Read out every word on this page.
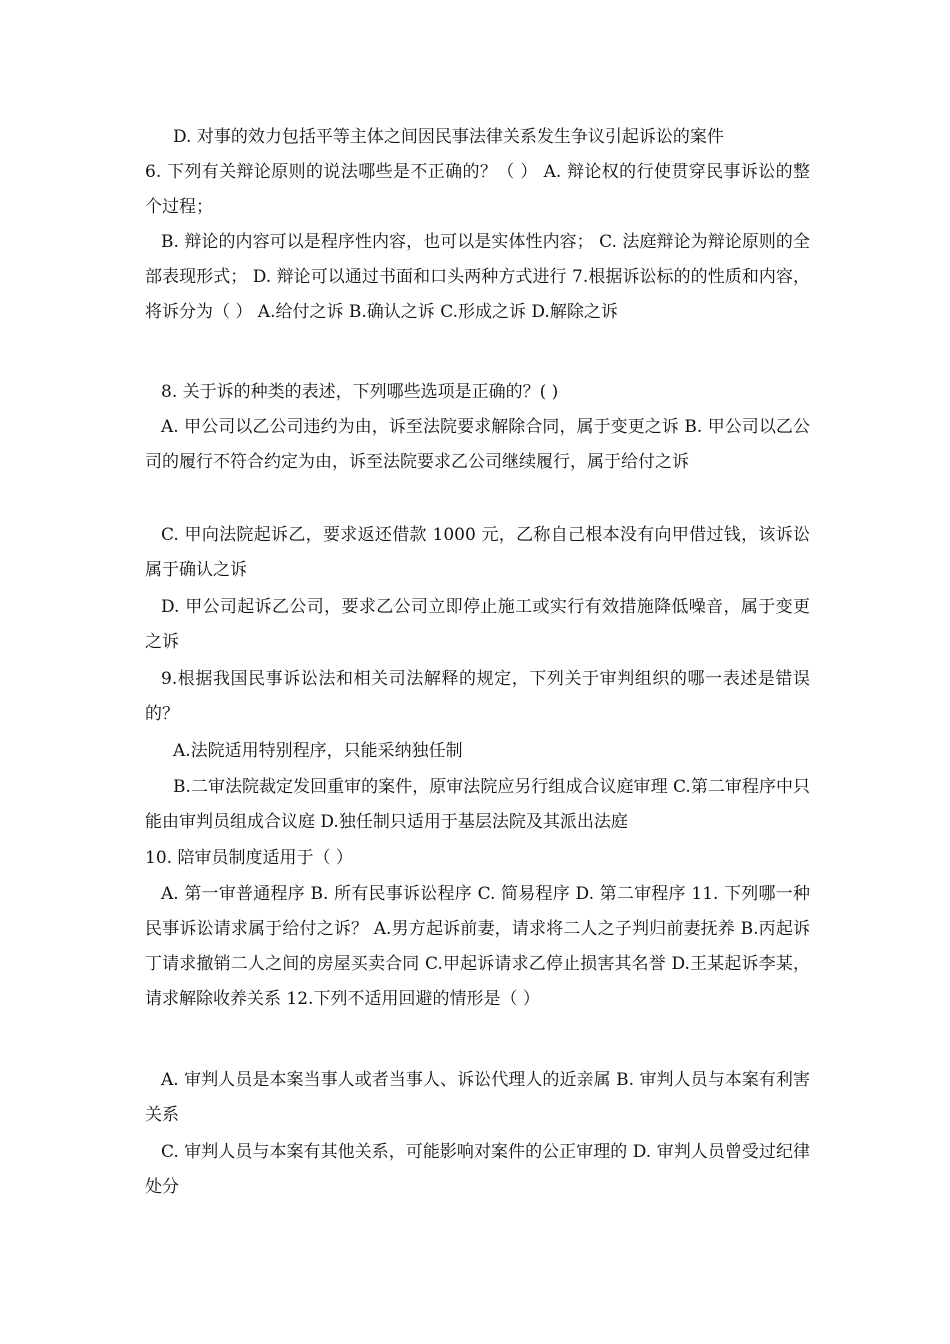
D. 对事的效力包括平等主体之间因民事法律关系发生争议引起诉讼的案件

6. 下列有关辩论原则的说法哪些是不正确的？（ ） A. 辩论权的行使贯穿民事诉讼的整个过程；

B. 辩论的内容可以是程序性内容，也可以是实体性内容； C. 法庭辩论为辩论原则的全部表现形式； D. 辩论可以通过书面和口头两种方式进行 7.根据诉讼标的的性质和内容，将诉分为（ ） A.给付之诉 B.确认之诉 C.形成之诉 D.解除之诉

8. 关于诉的种类的表述，下列哪些选项是正确的？( )

A. 甲公司以乙公司违约为由，诉至法院要求解除合同，属于变更之诉 B. 甲公司以乙公司的履行不符合约定为由，诉至法院要求乙公司继续履行，属于给付之诉

C. 甲向法院起诉乙，要求返还借款 1000 元，乙称自己根本没有向甲借过钱，该诉讼属于确认之诉

D. 甲公司起诉乙公司，要求乙公司立即停止施工或实行有效措施降低噪音，属于变更之诉

9.根据我国民事诉讼法和相关司法解释的规定，下列关于审判组织的哪一表述是错误的？

A.法院适用特别程序，只能采纳独任制

B.二审法院裁定发回重审的案件，原审法院应另行组成合议庭审理 C.第二审程序中只能由审判员组成合议庭 D.独任制只适用于基层法院及其派出法庭

10. 陪审员制度适用于（ ）

A. 第一审普通程序 B. 所有民事诉讼程序 C. 简易程序 D. 第二审程序 11. 下列哪一种民事诉讼请求属于给付之诉？ A.男方起诉前妻，请求将二人之子判归前妻抚养 B.丙起诉丁请求撤销二人之间的房屋买卖合同 C.甲起诉请求乙停止损害其名誉 D.王某起诉李某，请求解除收养关系 12.下列不适用回避的情形是（ ）

A. 审判人员是本案当事人或者当事人、诉讼代理人的近亲属 B. 审判人员与本案有利害关系

C. 审判人员与本案有其他关系，可能影响对案件的公正审理的 D. 审判人员曾受过纪律处分
